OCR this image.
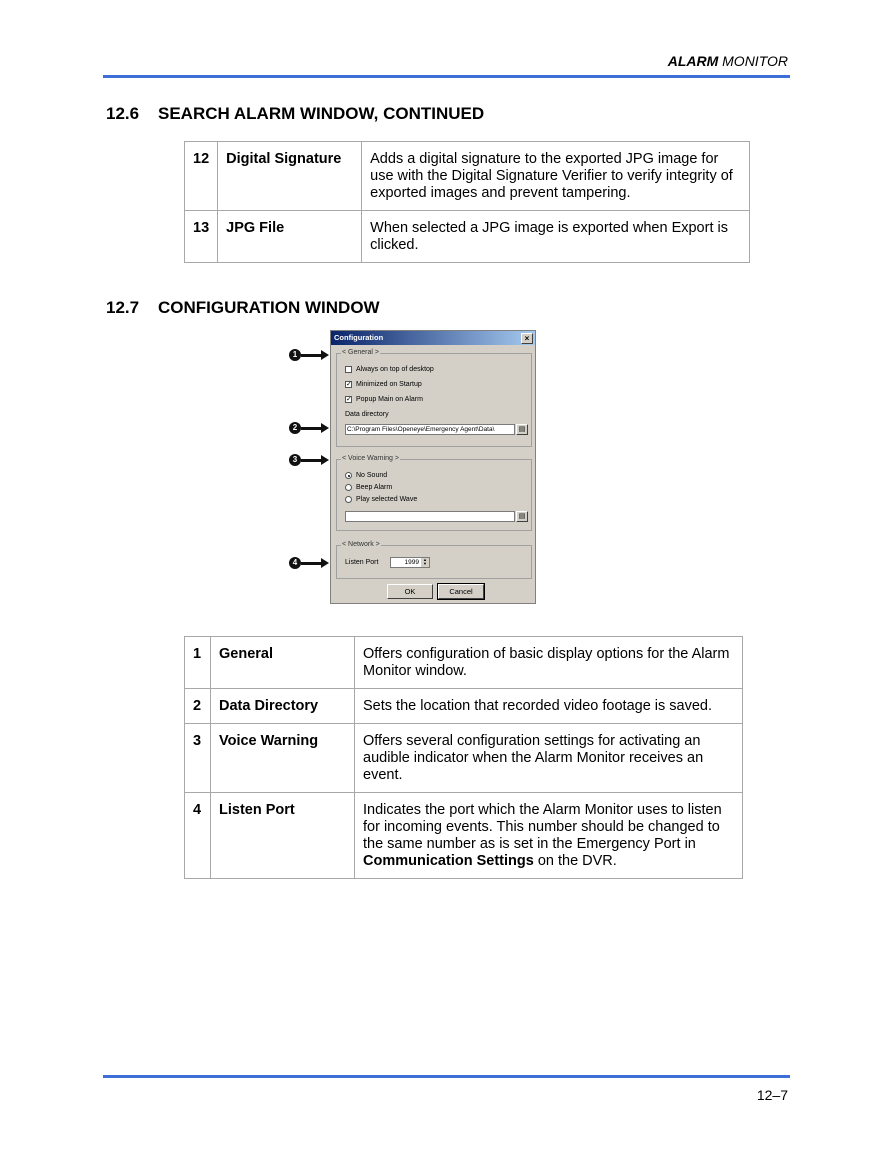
ALARM MONITOR
12.6 SEARCH ALARM WINDOW, CONTINUED
12	Digital Signature	Adds a digital signature to the exported JPG image for use with the Digital Signature Verifier to verify integrity of exported images and prevent tampering.
13	JPG File	When selected a JPG image is exported when Export is clicked.
12.7 CONFIGURATION WINDOW
1
2
3
4
Configuration	×
< General >
Always on top of desktop
✓ Minimized on Startup
✓ Popup Main on Alarm
Data directory
C:\Program Files\Openeye\Emergency Agent\Data\	▤
< Voice Warning >
No Sound
Beep Alarm
Play selected Wave
▤
< Network >
Listen Port	1999	▲
▼
OK	Cancel
1	General	Offers configuration of basic display options for the Alarm Monitor window.
2	Data Directory	Sets the location that recorded video footage is saved.
3	Voice Warning	Offers several configuration settings for activating an audible indicator when the Alarm Monitor receives an event.
4	Listen Port	Indicates the port which the Alarm Monitor uses to listen for incoming events. This number should be changed to the same number as is set in the Emergency Port in Communication Settings on the DVR.
12–7
